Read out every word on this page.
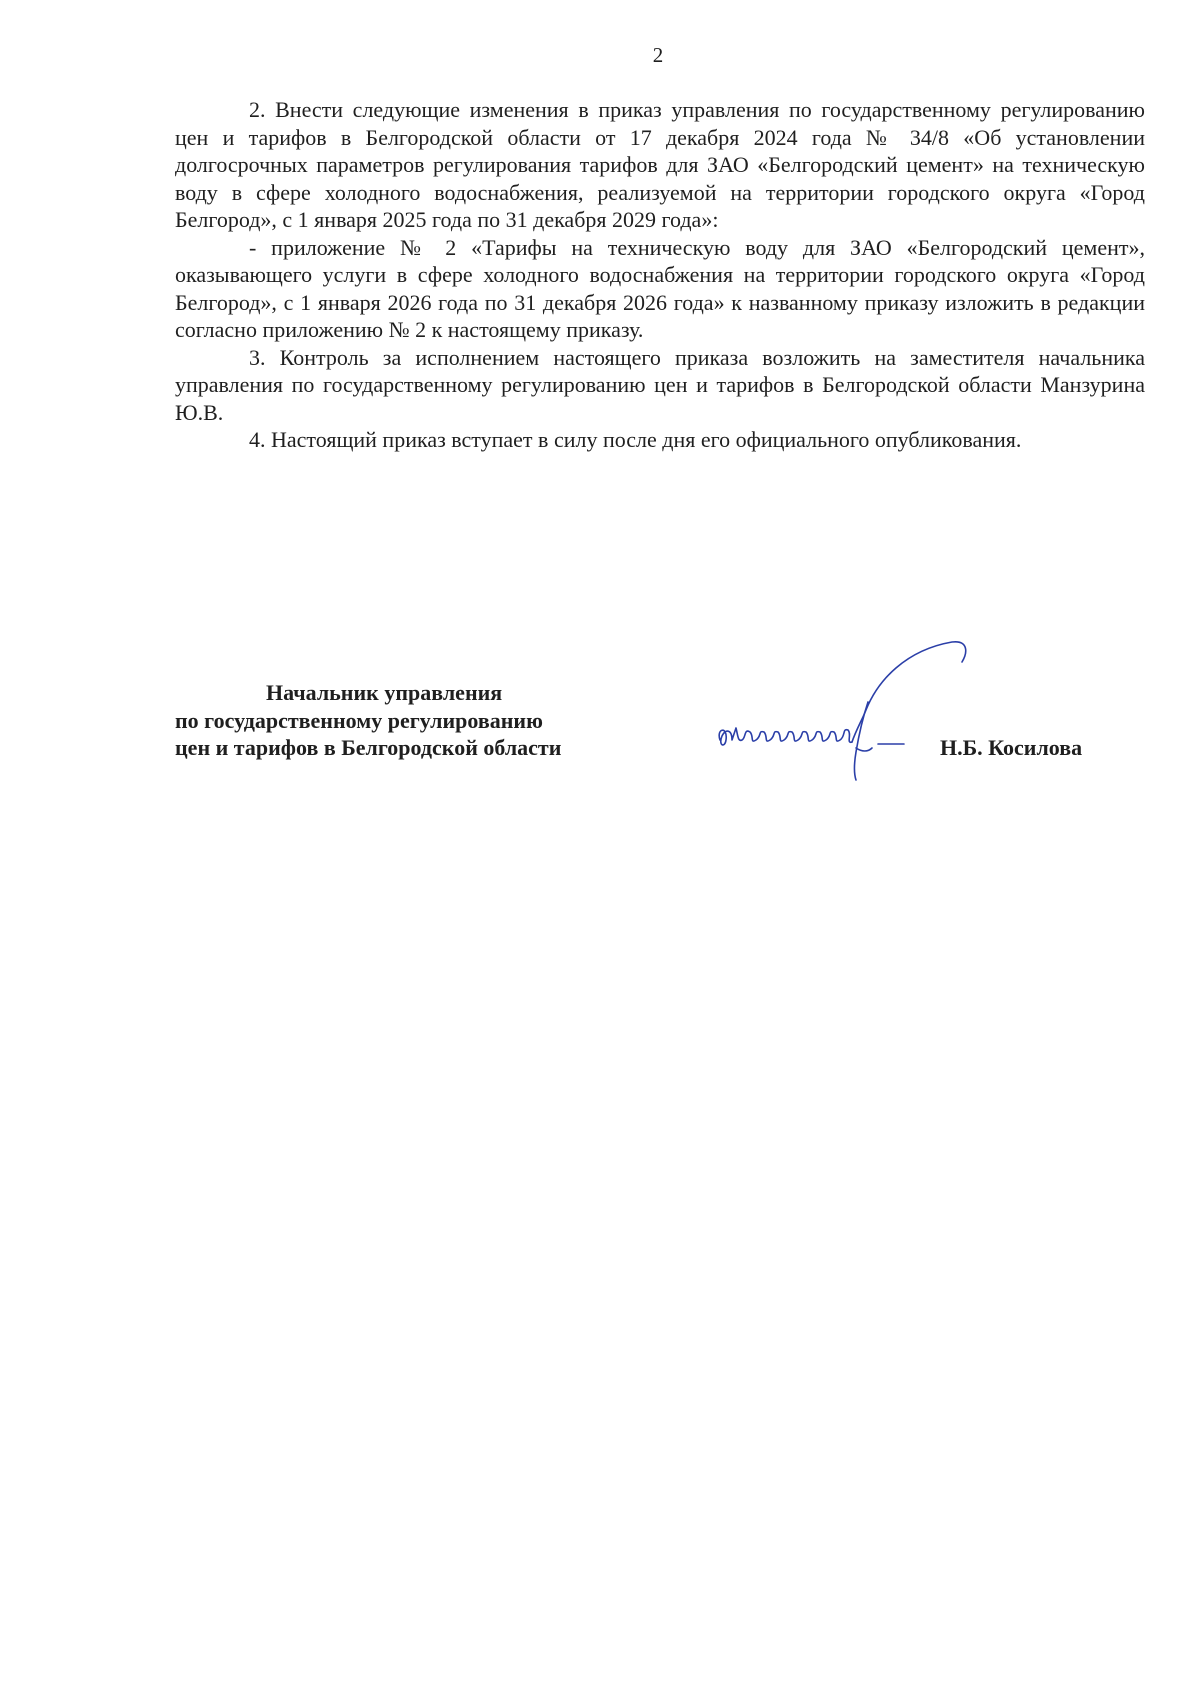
2

2. Внести следующие изменения в приказ управления по государственному регулированию цен и тарифов в Белгородской области от 17 декабря 2024 года № 34/8 «Об установлении долгосрочных параметров регулирования тарифов для ЗАО «Белгородский цемент» на техническую воду в сфере холодного водоснабжения, реализуемой на территории городского округа «Город Белгород», с 1 января 2025 года по 31 декабря 2029 года»:

- приложение № 2 «Тарифы на техническую воду для ЗАО «Белгородский цемент», оказывающего услуги в сфере холодного водоснабжения на территории городского округа «Город Белгород», с 1 января 2026 года по 31 декабря 2026 года» к названному приказу изложить в редакции согласно приложению № 2 к настоящему приказу.

3. Контроль за исполнением настоящего приказа возложить на заместителя начальника управления по государственному регулированию цен и тарифов в Белгородской области Манзурина Ю.В.

4. Настоящий приказ вступает в силу после дня его официального опубликования.

Начальник управления
по государственному регулированию
цен и тарифов в Белгородской области	Н.Б. Косилова
